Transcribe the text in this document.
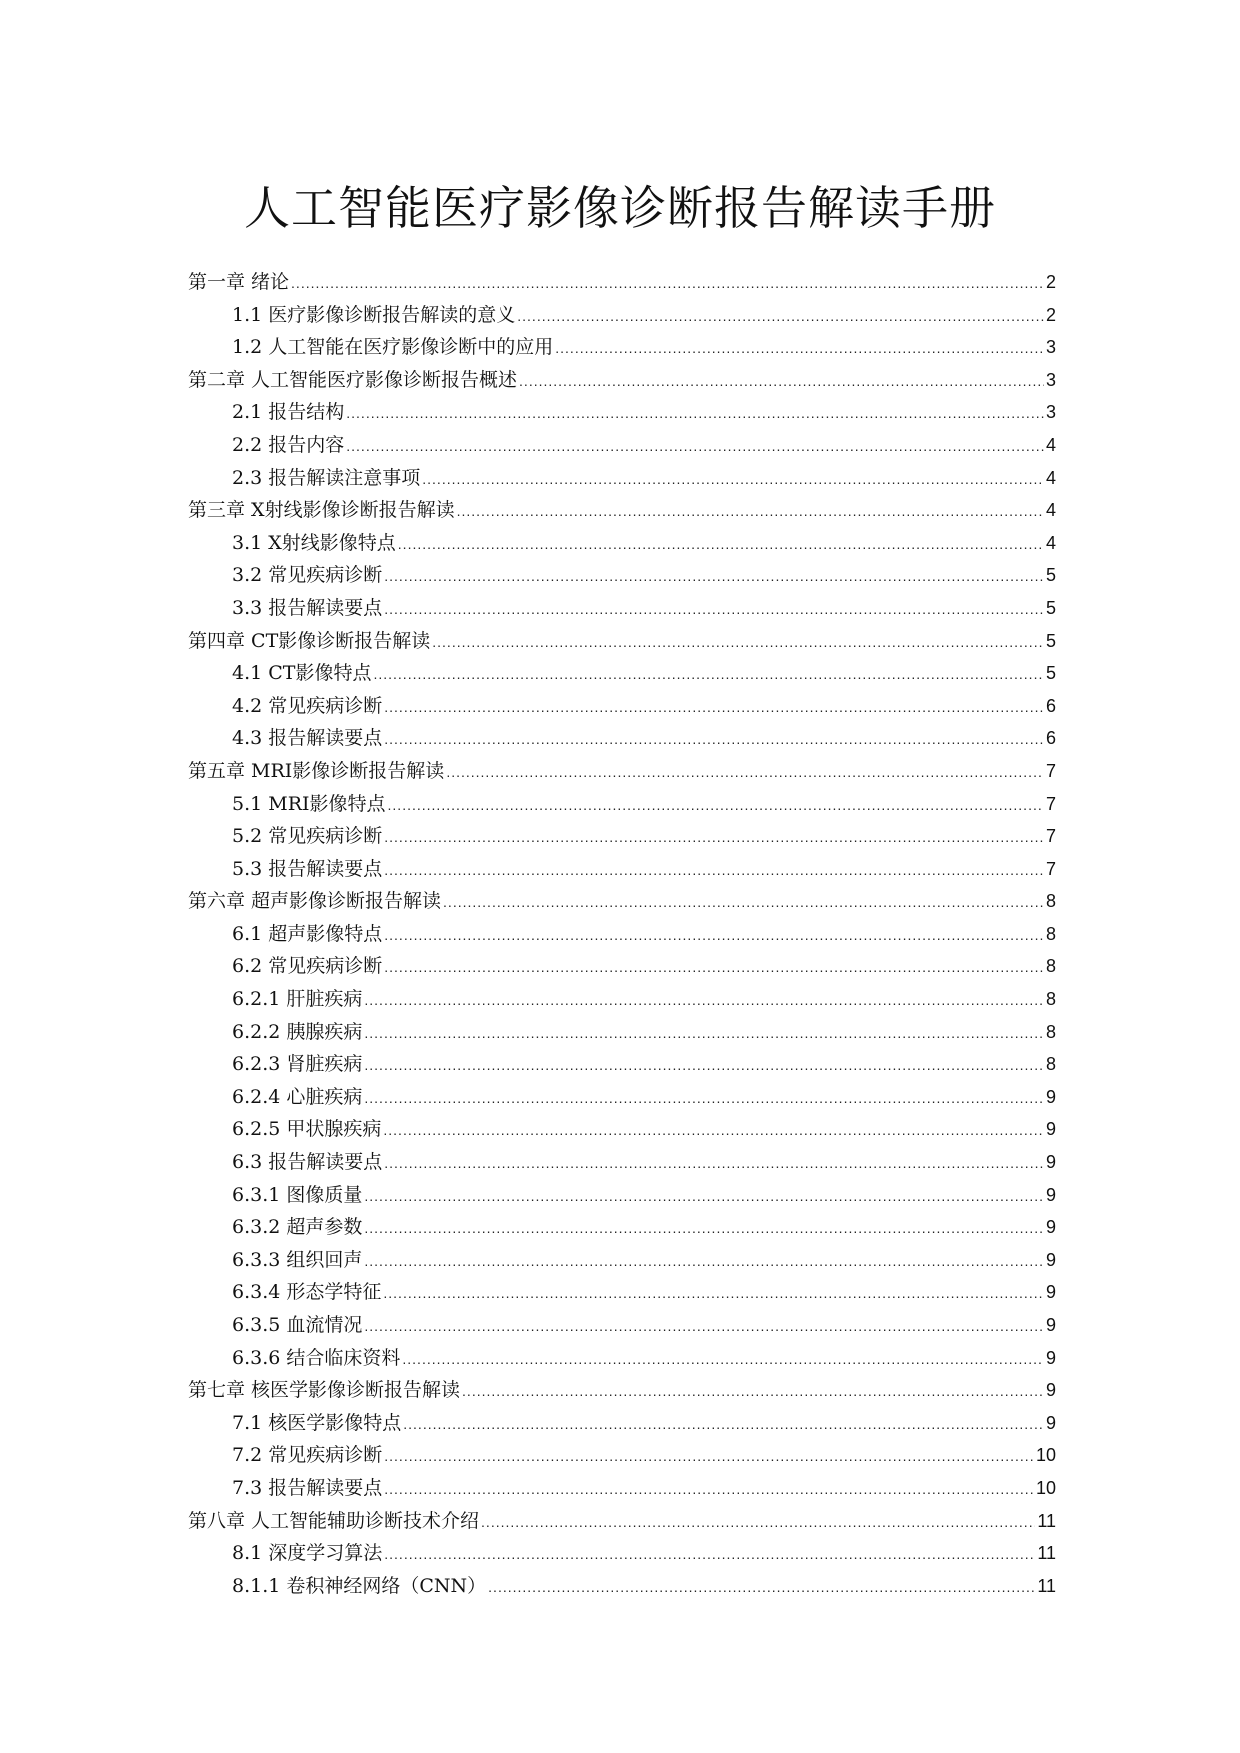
人工智能医疗影像诊断报告解读手册
第一章 绪论 .....	2
1.1 医疗影像诊断报告解读的意义 .....	2
1.2 人工智能在医疗影像诊断中的应用 .....	3
第二章 人工智能医疗影像诊断报告概述 .....	3
2.1 报告结构 .....	3
2.2 报告内容 .....	4
2.3 报告解读注意事项 .....	4
第三章 X射线影像诊断报告解读 .....	4
3.1 X射线影像特点 .....	4
3.2 常见疾病诊断 .....	5
3.3 报告解读要点 .....	5
第四章 CT影像诊断报告解读 .....	5
4.1 CT影像特点 .....	5
4.2 常见疾病诊断 .....	6
4.3 报告解读要点 .....	6
第五章 MRI影像诊断报告解读 .....	7
5.1 MRI影像特点 .....	7
5.2 常见疾病诊断 .....	7
5.3 报告解读要点 .....	7
第六章 超声影像诊断报告解读 .....	8
6.1 超声影像特点 .....	8
6.2 常见疾病诊断 .....	8
6.2.1 肝脏疾病 .....	8
6.2.2 胰腺疾病 .....	8
6.2.3 肾脏疾病 .....	8
6.2.4 心脏疾病 .....	9
6.2.5 甲状腺疾病 .....	9
6.3 报告解读要点 .....	9
6.3.1 图像质量 .....	9
6.3.2 超声参数 .....	9
6.3.3 组织回声 .....	9
6.3.4 形态学特征 .....	9
6.3.5 血流情况 .....	9
6.3.6 结合临床资料 .....	9
第七章 核医学影像诊断报告解读 .....	9
7.1 核医学影像特点 .....	9
7.2 常见疾病诊断 .....	10
7.3 报告解读要点 .....	10
第八章 人工智能辅助诊断技术介绍 .....	11
8.1 深度学习算法 .....	11
8.1.1 卷积神经网络（CNN） .....	11
